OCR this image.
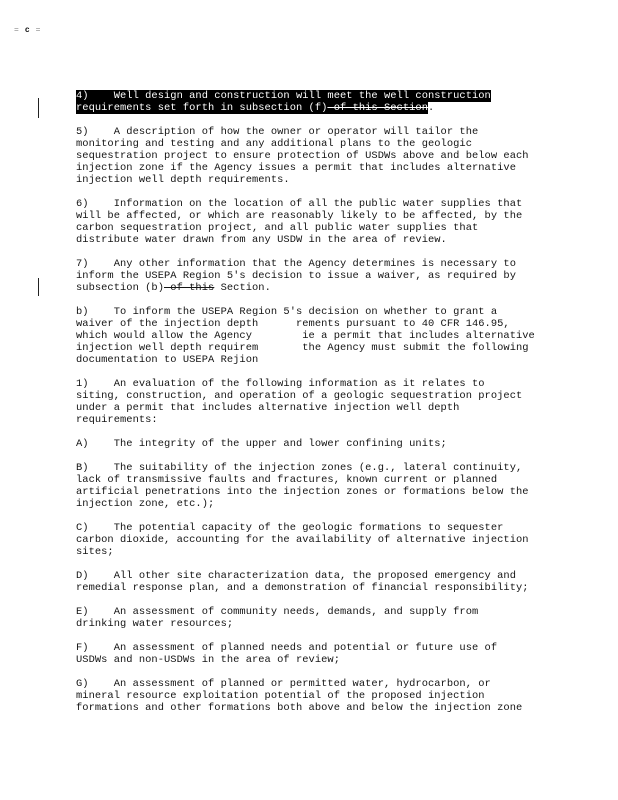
=c=
4)    Well design and construction will meet the well construction
requirements set forth in subsection (f) of this Section.
5)    A description of how the owner or operator will tailor the
monitoring and testing and any additional plans to the geologic
sequestration project to ensure protection of USDWs above and below each
injection zone if the Agency issues a permit that includes alternative
injection well depth requirements.
6)    Information on the location of all the public water supplies that
will be affected, or which are reasonably likely to be affected, by the
carbon sequestration project, and all public water supplies that
distribute water drawn from any USDW in the area of review.
7)    Any other information that the Agency determines is necessary to
inform the USEPA Region 5's decision to issue a waiver, as required by
subsection (b) of this Section.
b)    To inform the USEPA Region 5's decision on whether to grant a
waiver of the injection depth      rements pursuant to 40 CFR 146.95,
which would allow the Agency        ie a permit that includes alternative
injection well depth requirem       the Agency must submit the following
documentation to USEPA Rejion
1)    An evaluation of the following information as it relates to
siting, construction, and operation of a geologic sequestration project
under a permit that includes alternative injection well depth
requirements:
A)    The integrity of the upper and lower confining units;
B)    The suitability of the injection zones (e.g., lateral continuity,
lack of transmissive faults and fractures, known current or planned
artificial penetrations into the injection zones or formations below the
injection zone, etc.);
C)    The potential capacity of the geologic formations to sequester
carbon dioxide, accounting for the availability of alternative injection
sites;
D)    All other site characterization data, the proposed emergency and
remedial response plan, and a demonstration of financial responsibility;
E)    An assessment of community needs, demands, and supply from
drinking water resources;
F)    An assessment of planned needs and potential or future use of
USDWs and non-USDWs in the area of review;
G)    An assessment of planned or permitted water, hydrocarbon, or
mineral resource exploitation potential of the proposed injection
formations and other formations both above and below the injection zone
